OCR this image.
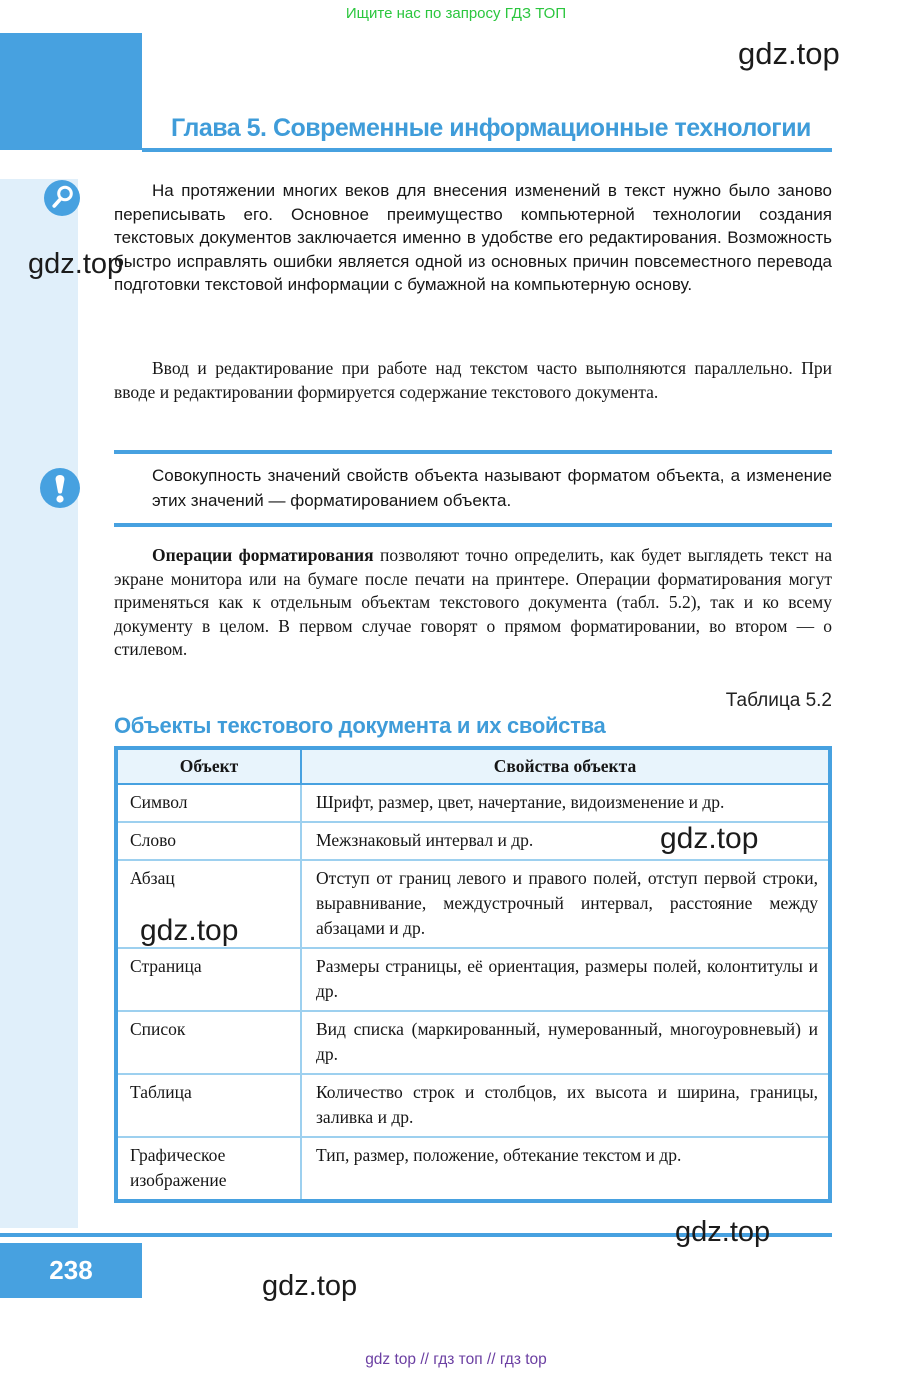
Ищите нас по запросу ГДЗ ТОП
gdz.top
Глава 5. Современные информационные технологии
gdz.top

На протяжении многих веков для внесения изменений в текст нужно было заново переписывать его. Основное преимущество компьютерной технологии создания текстовых документов заключается именно в удобстве его редактирования. Возможность быстро исправлять ошибки является одной из основных причин повсеместного перевода подготовки текстовой информации с бумажной на компьютерную основу.

Ввод и редактирование при работе над текстом часто выполняются параллельно. При вводе и редактировании формируется содержание текстового документа.

Совокупность значений свойств объекта называют форматом объекта, а изменение этих значений — форматированием объекта.

Операции форматирования позволяют точно определить, как будет выглядеть текст на экране монитора или на бумаге после печати на принтере. Операции форматирования могут применяться как к отдельным объектам текстового документа (табл. 5.2), так и ко всему документу в целом. В первом случае говорят о прямом форматировании, во втором — о стилевом.

Таблица 5.2
Объекты текстового документа и их свойства
Объект	Свойства объекта
Символ	Шрифт, размер, цвет, начертание, видоизменение и др.
Слово	Межзнаковый интервал и др.
Абзац	Отступ от границ левого и правого полей, отступ первой строки, выравнивание, междустрочный интервал, расстояние между абзацами и др.
Страница	Размеры страницы, её ориентация, размеры полей, колонтитулы и др.
Список	Вид списка (маркированный, нумерованный, многоуровневый) и др.
Таблица	Количество строк и столбцов, их высота и ширина, границы, заливка и др.
Графическое изображение	Тип, размер, положение, обтекание текстом и др.
gdz.top
gdz.top
gdz.top
238	gdz.top
gdz top // гдз топ // гдз top
